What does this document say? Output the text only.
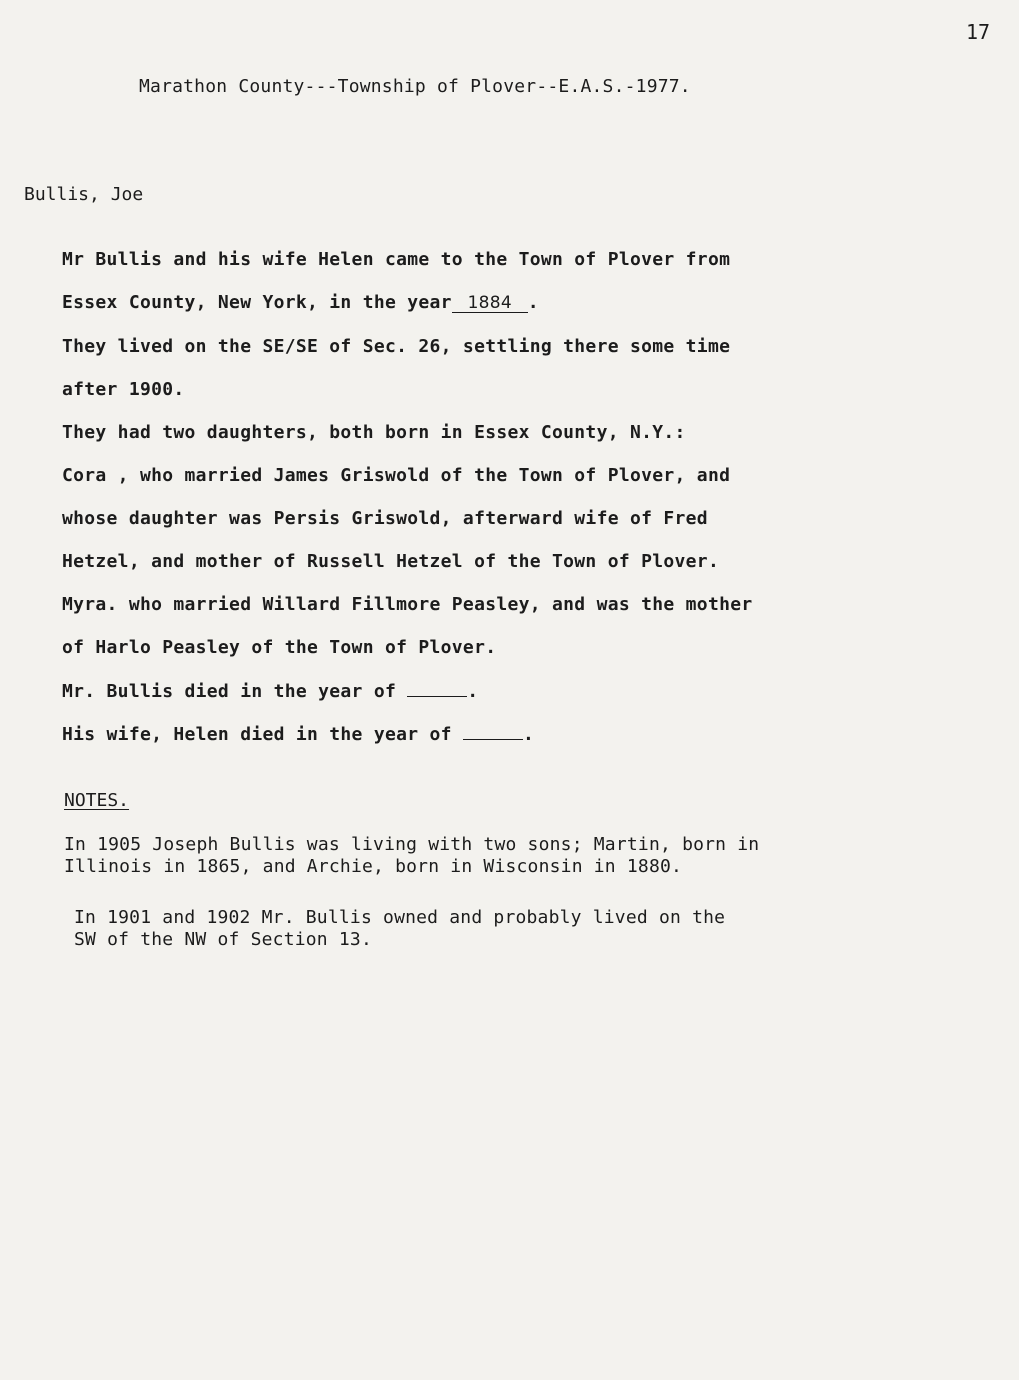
17
Marathon County---Township of Plover--E.A.S.-1977.
Bullis, Joe
Mr Bullis and his wife Helen came to the Town of Plover from
Essex County, New York, in the year 1884 .
They lived on the SE/SE of Sec. 26, settling there some time
after 1900.
They had two daughters, both born in Essex County, N.Y.:
Cora , who married James Griswold of the Town of Plover, and
whose daughter was Persis Griswold, afterward wife of Fred
Hetzel, and mother of Russell Hetzel of the Town of Plover.
Myra. who married Willard Fillmore Peasley, and was the mother
of Harlo Peasley of the Town of Plover.
Mr. Bullis died in the year of	.
His wife, Helen died in the year of	.
NOTES.
In 1905 Joseph Bullis was living with two sons; Martin, born in
Illinois in 1865, and Archie, born in Wisconsin in 1880.
In 1901 and 1902 Mr. Bullis owned and probably lived on the
SW of the NW of Section 13.
